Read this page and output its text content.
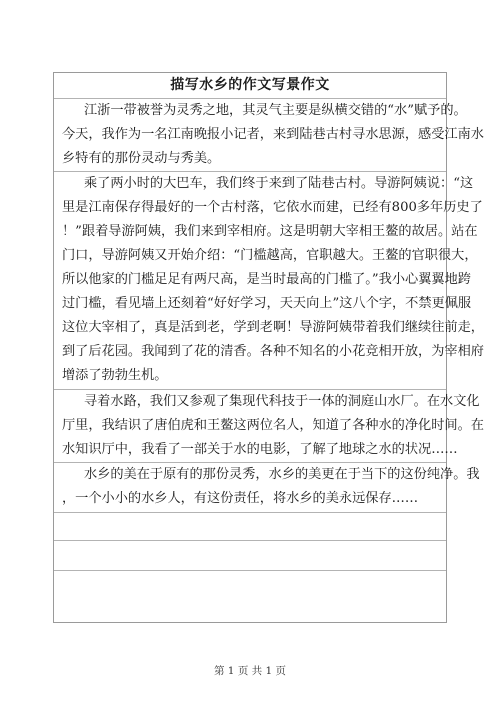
描写水乡的作文写景作文
江浙一带被誉为灵秀之地，其灵气主要是纵横交错的“水”赋予的。
今天，我作为一名江南晚报小记者，来到陆巷古村寻水思源，感受江南水
乡特有的那份灵动与秀美。
乘了两小时的大巴车，我们终于来到了陆巷古村。导游阿姨说：“这
里是江南保存得最好的一个古村落，它依水而建，已经有800多年历史了
！”跟着导游阿姨，我们来到宰相府。这是明朝大宰相王鳌的故居。站在
门口，导游阿姨又开始介绍：“门槛越高，官职越大。王鳌的官职很大，
所以他家的门槛足足有两尺高，是当时最高的门槛了。”我小心翼翼地跨
过门槛，看见墙上还刻着“好好学习，天天向上”这八个字，不禁更佩服
这位大宰相了，真是活到老，学到老啊！导游阿姨带着我们继续往前走，
到了后花园。我闻到了花的清香。各种不知名的小花竞相开放，为宰相府
增添了勃勃生机。
寻着水路，我们又参观了集现代科技于一体的洞庭山水厂。在水文化
厅里，我结识了唐伯虎和王鳌这两位名人，知道了各种水的净化时间。在
水知识厅中，我看了一部关于水的电影，了解了地球之水的状况……
水乡的美在于原有的那份灵秀，水乡的美更在于当下的这份纯净。我
，一个小小的水乡人，有这份责任，将水乡的美永远保存……
第 1 页 共 1 页
